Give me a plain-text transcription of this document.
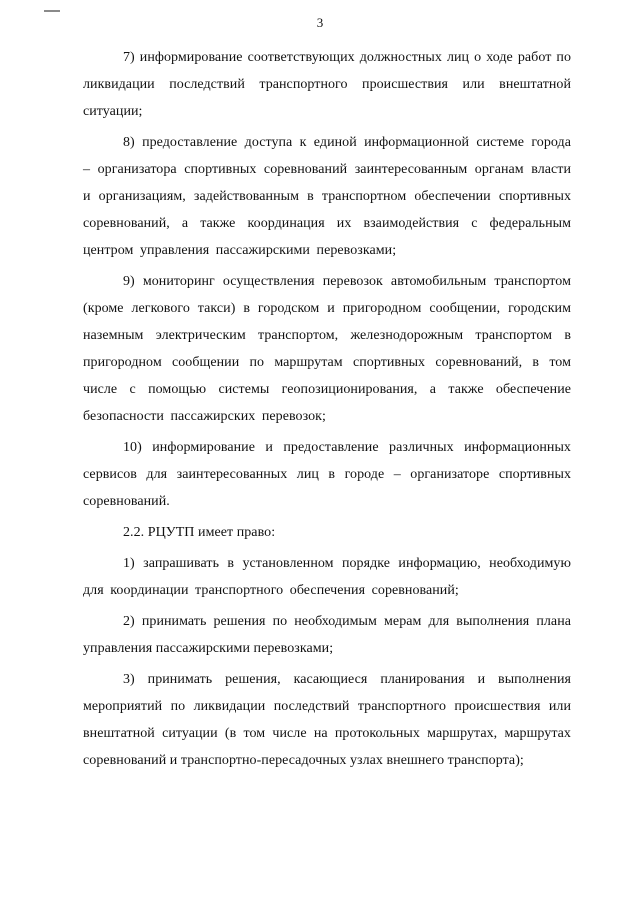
3

7) информирование соответствующих должностных лиц о ходе работ по ликвидации последствий транспортного происшествия или внештатной ситуации;

8) предоставление доступа к единой информационной системе города – организатора спортивных соревнований заинтересованным органам власти и организациям, задействованным в транспортном обеспечении спортивных соревнований, а также координация их взаимодействия с федеральным центром управления пассажирскими перевозками;

9) мониторинг осуществления перевозок автомобильным транспортом (кроме легкового такси) в городском и пригородном сообщении, городским наземным электрическим транспортом, железнодорожным транспортом в пригородном сообщении по маршрутам спортивных соревнований, в том числе с помощью системы геопозиционирования, а также обеспечение безопасности пассажирских перевозок;

10) информирование и предоставление различных информационных сервисов для заинтересованных лиц в городе – организаторе спортивных соревнований.

2.2. РЦУТП имеет право:

1) запрашивать в установленном порядке информацию, необходимую для координации транспортного обеспечения соревнований;

2) принимать решения по необходимым мерам для выполнения плана управления пассажирскими перевозками;

3) принимать решения, касающиеся планирования и выполнения мероприятий по ликвидации последствий транспортного происшествия или внештатной ситуации (в том числе на протокольных маршрутах, маршрутах соревнований и транспортно-пересадочных узлах внешнего транспорта);
